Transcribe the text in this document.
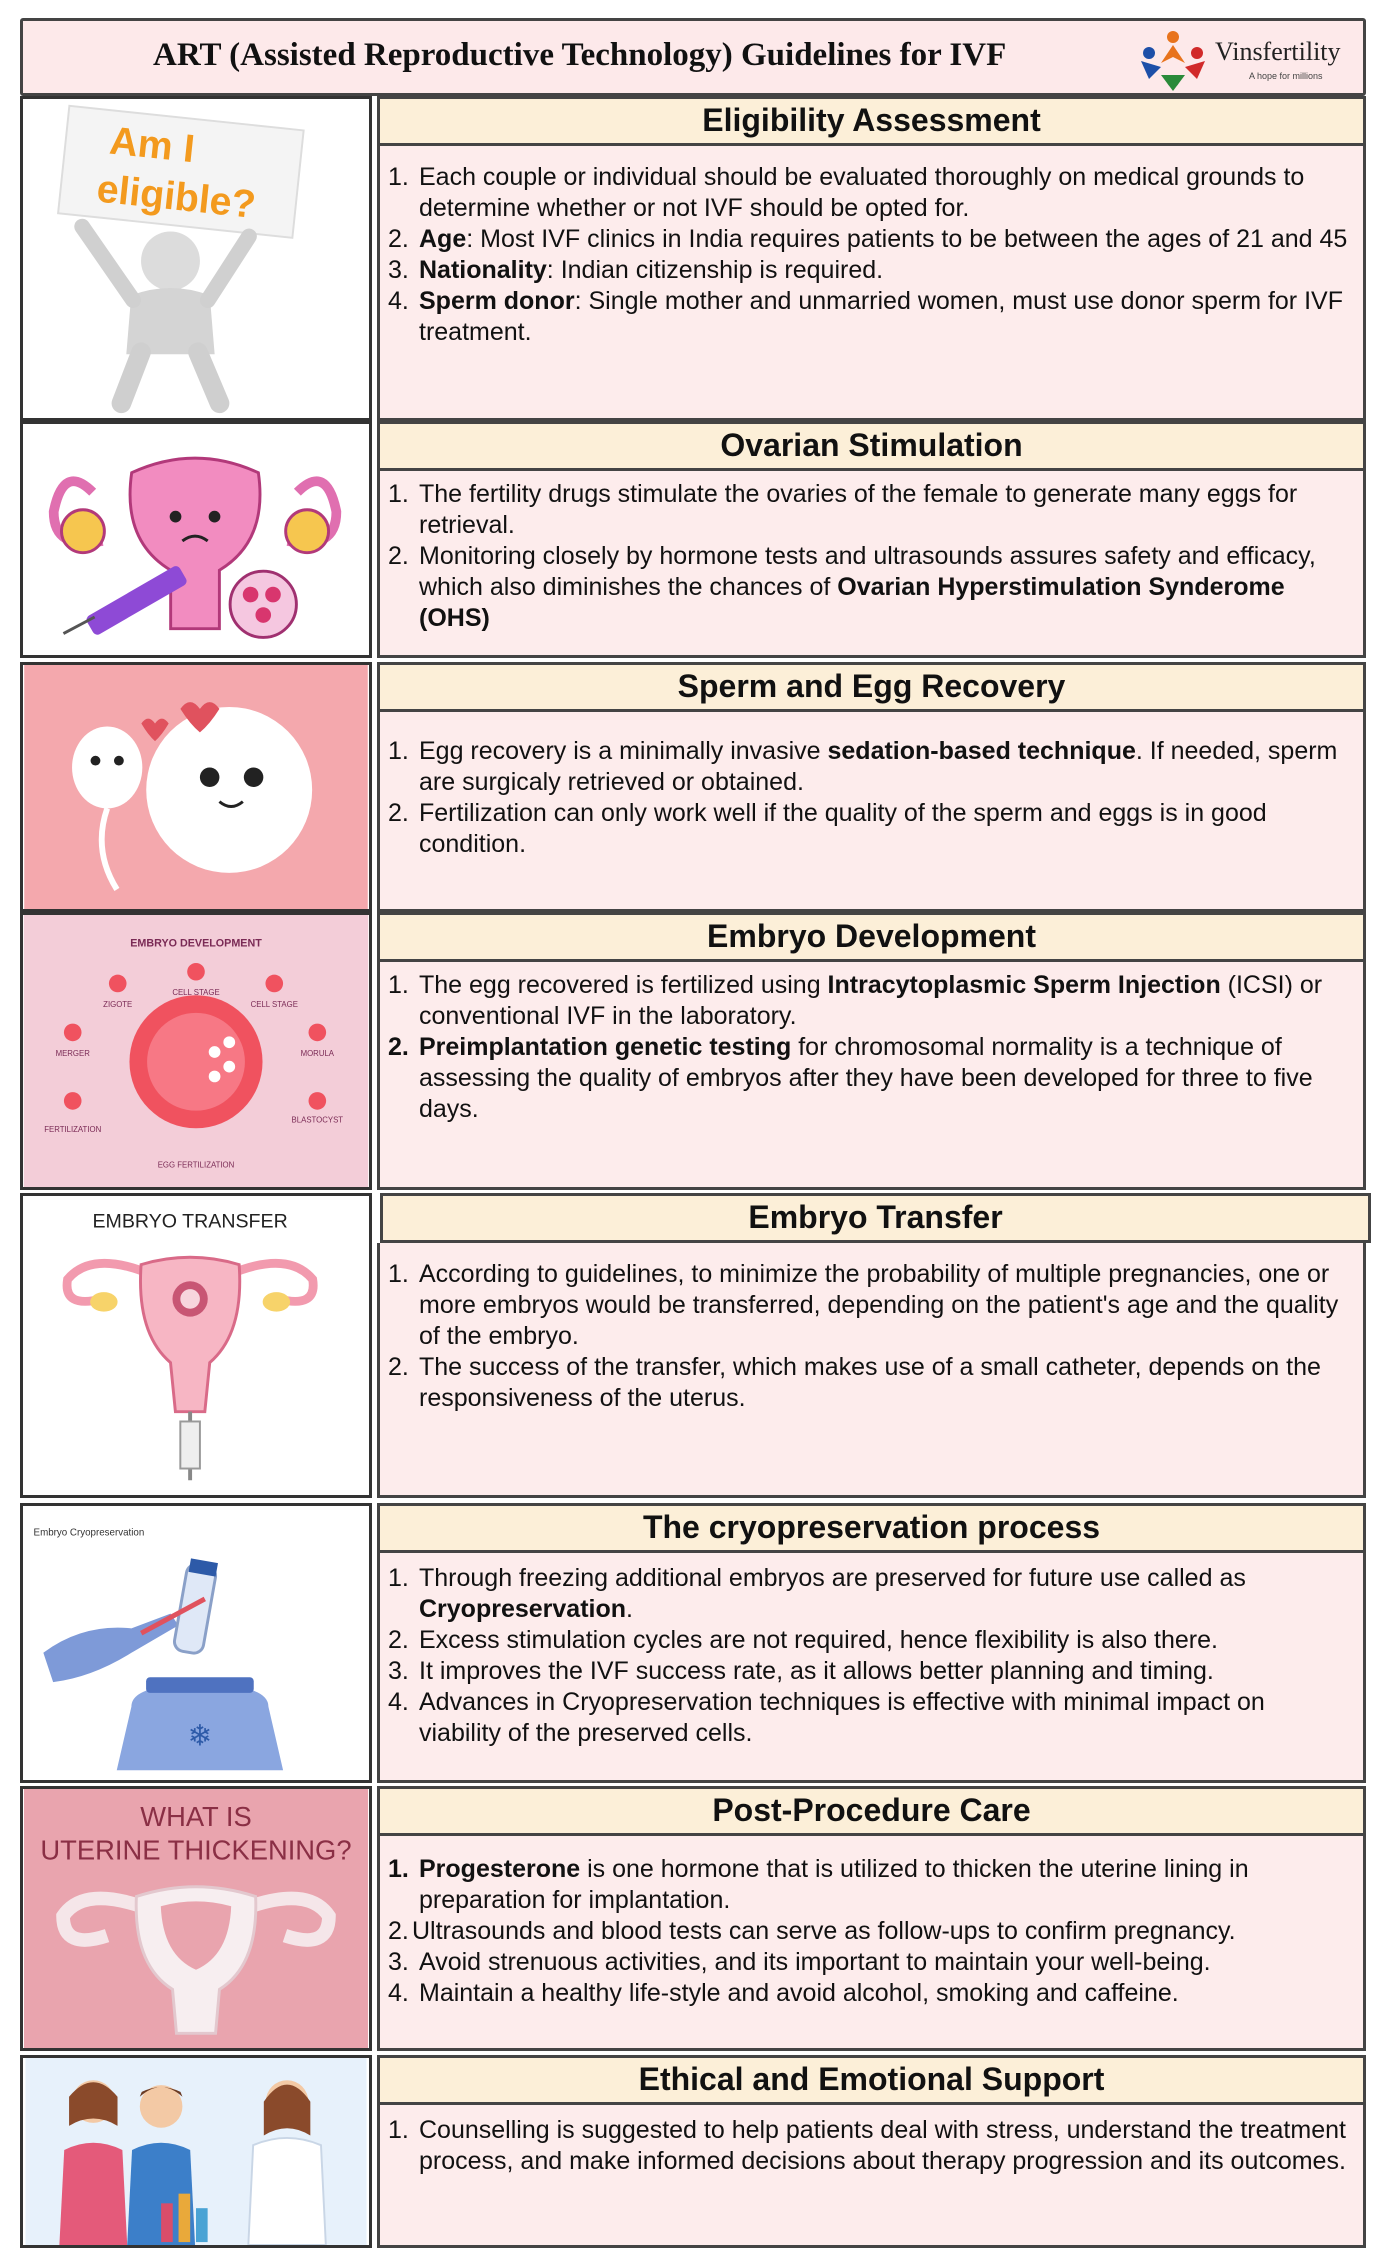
ART (Assisted Reproductive Technology) Guidelines for IVF	Vinsfertility
A hope for millions
Am I
eligible?
Eligibility Assessment
1. Each couple or individual should be evaluated thoroughly on medical grounds to determine whether or not IVF should be opted for.
2. Age: Most IVF clinics in India requires patients to be between the ages of 21 and 45
3. Nationality: Indian citizenship is required.
4. Sperm donor: Single mother and unmarried women, must use donor sperm for IVF treatment.
Ovarian Stimulation
1. The fertility drugs stimulate the ovaries of the female to generate many eggs for retrieval.
2. Monitoring closely by hormone tests and ultrasounds assures safety and efficacy, which also diminishes the chances of Ovarian Hyperstimulation Synderome (OHS)
Sperm and Egg Recovery
1. Egg recovery is a minimally invasive sedation-based technique. If needed, sperm are surgicaly retrieved or obtained.
2. Fertilization can only work well if the quality of the sperm and eggs is in good condition.
EMBRYO DEVELOPMENT
ZIGOTE
CELL STAGE
CELL STAGE
MERGER	MORULA
FERTILIZATION
BLASTOCYST
EGG FERTILIZATION
Embryo Development
1. The egg recovered is fertilized using Intracytoplasmic Sperm Injection (ICSI) or conventional IVF in the laboratory.
2. Preimplantation genetic testing for chromosomal normality is a technique of assessing the quality of embryos after they have been developed for three to five days.
EMBRYO TRANSFER	Embryo Transfer
1. According to guidelines, to minimize the probability of multiple pregnancies, one or more embryos would be transferred, depending on the patient's age and the quality of the embryo.
2. The success of the transfer, which makes use of a small catheter, depends on the responsiveness of the uterus.
Embryo Cryopreservation
❄
The cryopreservation process
1. Through freezing additional embryos are preserved for future use called as Cryopreservation.
2. Excess stimulation cycles are not required, hence flexibility is also there.
3. It improves the IVF success rate, as it allows better planning and timing.
4. Advances in Cryopreservation techniques is effective with minimal impact on viability of the preserved cells.
WHAT IS
UTERINE THICKENING?
Post-Procedure Care
1. Progesterone is one hormone that is utilized to thicken the uterine lining in preparation for implantation.
2. Ultrasounds and blood tests can serve as follow-ups to confirm pregnancy.
3. Avoid strenuous activities, and its important to maintain your well-being.
4. Maintain a healthy life-style and avoid alcohol, smoking and caffeine.
Ethical and Emotional Support
1. Counselling is suggested to help patients deal with stress, understand the treatment process, and make informed decisions about therapy progression and its outcomes.
